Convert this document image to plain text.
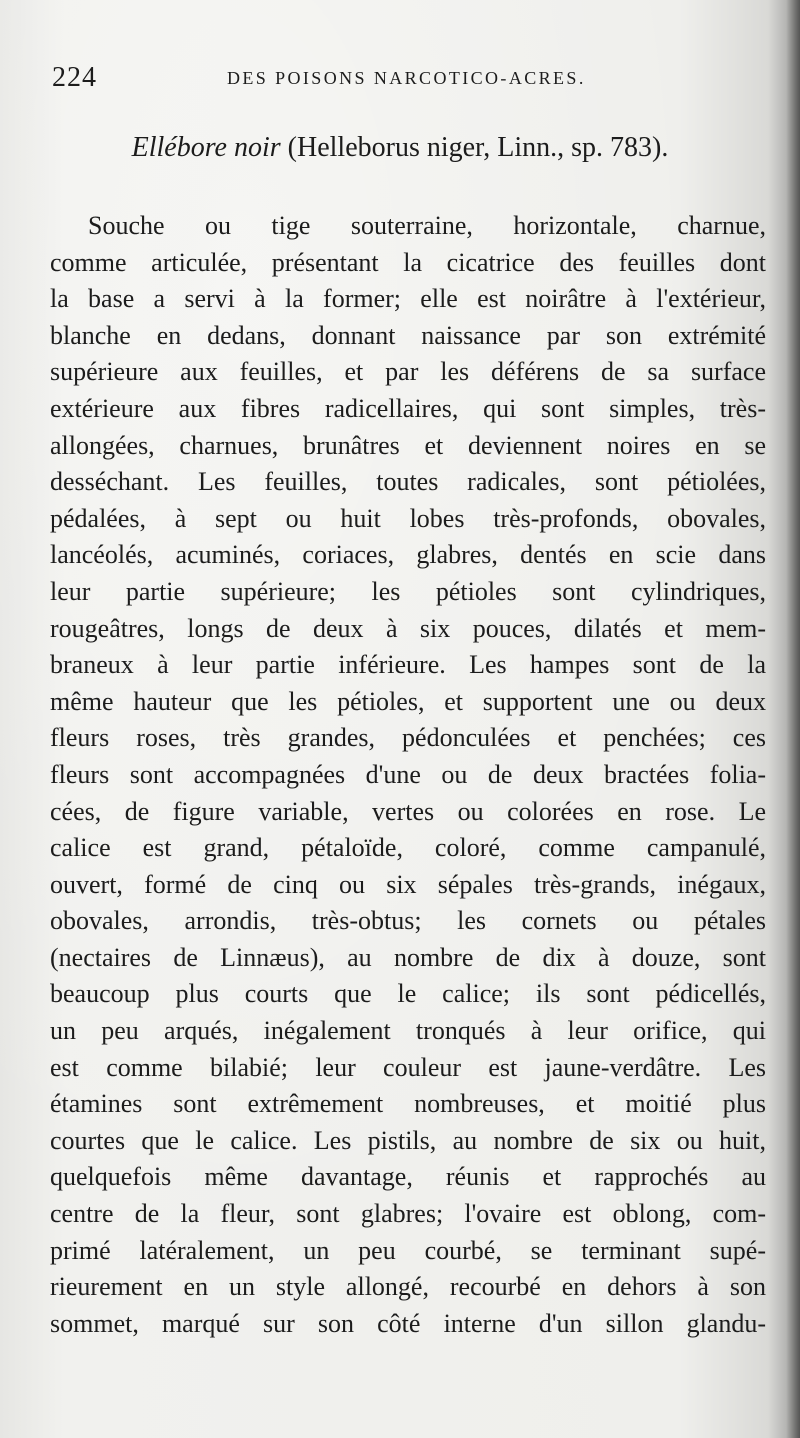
224	DES POISONS NARCOTICO-ACRES.
Ellébore noir (Helleborus niger, Linn., sp. 783).
Souche ou tige souterraine, horizontale, charnue,
comme articulée, présentant la cicatrice des feuilles dont
la base a servi à la former; elle est noirâtre à l'extérieur,
blanche en dedans, donnant naissance par son extrémité
supérieure aux feuilles, et par les déférens de sa surface
extérieure aux fibres radicellaires, qui sont simples, très-
allongées, charnues, brunâtres et deviennent noires en se
desséchant. Les feuilles, toutes radicales, sont pétiolées,
pédalées, à sept ou huit lobes très-profonds, obovales,
lancéolés, acuminés, coriaces, glabres, dentés en scie dans
leur partie supérieure; les pétioles sont cylindriques,
rougeâtres, longs de deux à six pouces, dilatés et mem-
braneux à leur partie inférieure. Les hampes sont de la
même hauteur que les pétioles, et supportent une ou deux
fleurs roses, très grandes, pédonculées et penchées; ces
fleurs sont accompagnées d'une ou de deux bractées folia-
cées, de figure variable, vertes ou colorées en rose. Le
calice est grand, pétaloïde, coloré, comme campanulé,
ouvert, formé de cinq ou six sépales très-grands, inégaux,
obovales, arrondis, très-obtus; les cornets ou pétales
(nectaires de Linnæus), au nombre de dix à douze, sont
beaucoup plus courts que le calice; ils sont pédicellés,
un peu arqués, inégalement tronqués à leur orifice, qui
est comme bilabié; leur couleur est jaune-verdâtre. Les
étamines sont extrêmement nombreuses, et moitié plus
courtes que le calice. Les pistils, au nombre de six ou huit,
quelquefois même davantage, réunis et rapprochés au
centre de la fleur, sont glabres; l'ovaire est oblong, com-
primé latéralement, un peu courbé, se terminant supé-
rieurement en un style allongé, recourbé en dehors à son
sommet, marqué sur son côté interne d'un sillon glandu-
